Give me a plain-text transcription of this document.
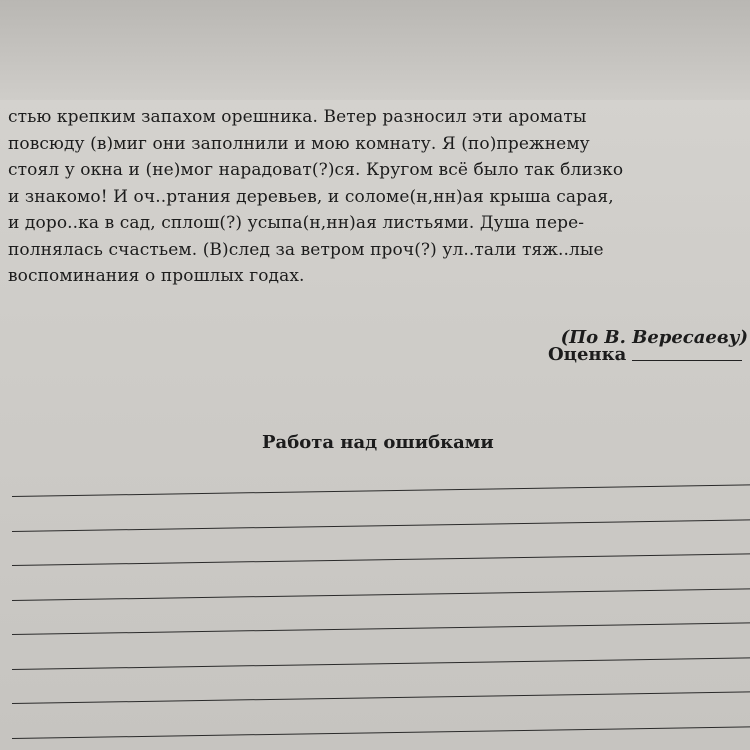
стью крепким запахом орешника. Ветер разносил эти ароматы
повсюду (в)миг они заполнили и мою комнату. Я (по)прежнему
стоял у окна и (не)мог нарадоват(?)ся. Кругом всё было так близко
и знакомо! И оч..ртания деревьев, и соломе(н,нн)ая крыша сарая,
и доро..ка в сад, сплош(?) усыпа(н,нн)ая листьями. Душа пере-
полнялась счастьем. (В)след за ветром проч(?) ул..тали тяж..лые
воспоминания о прошлых годах.
(По В. Вересаеву)
Оценка
Работа над ошибками
